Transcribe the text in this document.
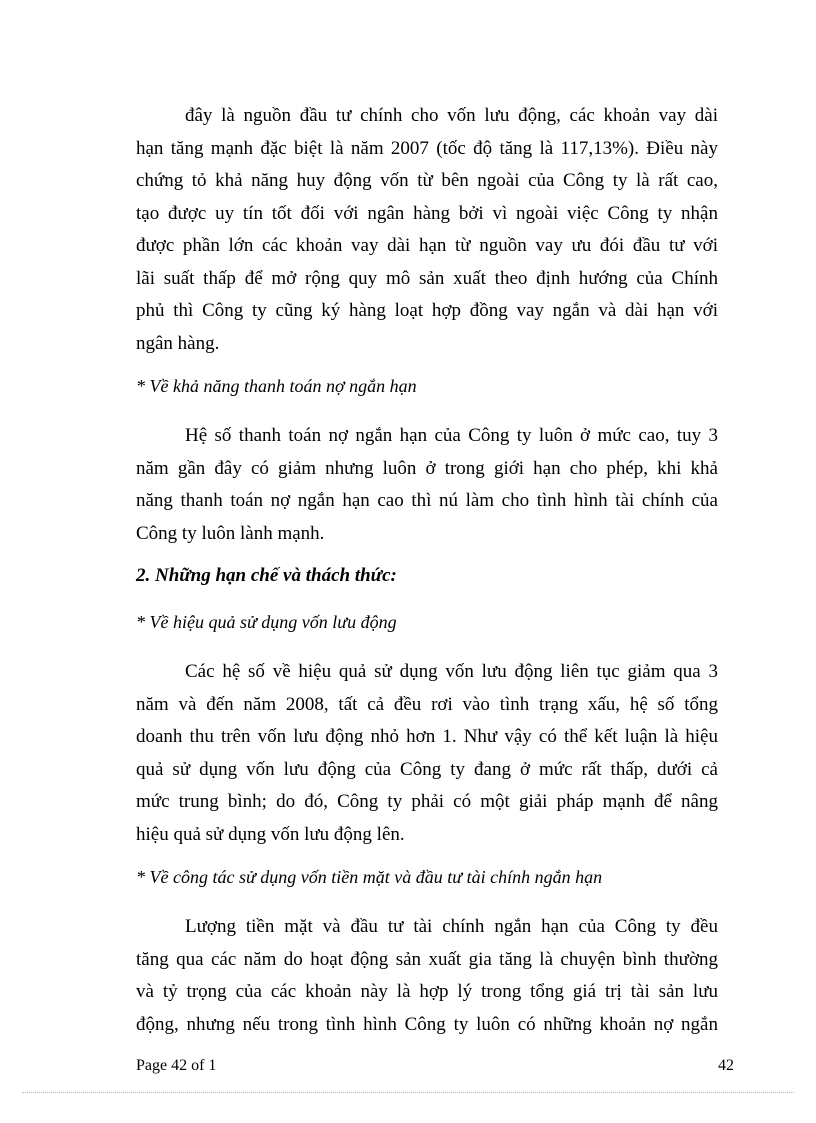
đây là nguồn đầu tư chính cho vốn lưu động, các khoản vay dài
hạn tăng mạnh đặc biệt là năm 2007 (tốc độ tăng là 117,13%). Điều này
chứng tỏ khả năng huy động vốn từ bên ngoài của Công ty là rất cao,
tạo được uy tín tốt đối với ngân hàng bởi vì ngoài việc Công ty nhận
được phần lớn các khoản vay dài hạn từ nguồn vay ưu đói đầu tư với
lãi suất thấp để mở rộng quy mô sản xuất theo định hướng của Chính
phủ thì Công ty cũng ký hàng loạt hợp đồng vay ngắn và dài hạn với
ngân hàng.
* Về khả năng thanh toán nợ ngắn hạn
Hệ số thanh toán nợ ngắn hạn của Công ty luôn ở mức cao, tuy 3
năm gần đây có giảm nhưng luôn ở trong giới hạn cho phép, khi khả
năng thanh toán nợ ngắn hạn cao thì nú làm cho tình hình tài chính của
Công ty luôn lành mạnh.
2. Những hạn chế và thách thức:
* Về hiệu quả sử dụng vốn lưu động
Các hệ số về hiệu quả sử dụng vốn lưu động liên tục giảm qua 3
năm và đến năm 2008, tất cả đều rơi vào tình trạng xấu, hệ số tổng
doanh thu trên vốn lưu động nhỏ hơn 1. Như vậy có thể kết luận là hiệu
quả sử dụng vốn lưu động của Công ty đang ở mức rất thấp, dưới cả
mức trung bình; do đó, Công ty phải có một giải pháp mạnh để nâng
hiệu quả sử dụng vốn lưu động lên.
* Về công tác sử dụng vốn tiền mặt và đầu tư tài chính ngắn hạn
Lượng tiền mặt và đầu tư tài chính ngắn hạn của Công ty đều
tăng qua các năm do hoạt động sản xuất gia tăng là chuyện bình thường
và tỷ trọng của các khoản này là hợp lý trong tổng giá trị tài sản lưu
động, nhưng nếu trong tình hình Công ty luôn có những khoản nợ ngắn
Page 42 of 1	42
